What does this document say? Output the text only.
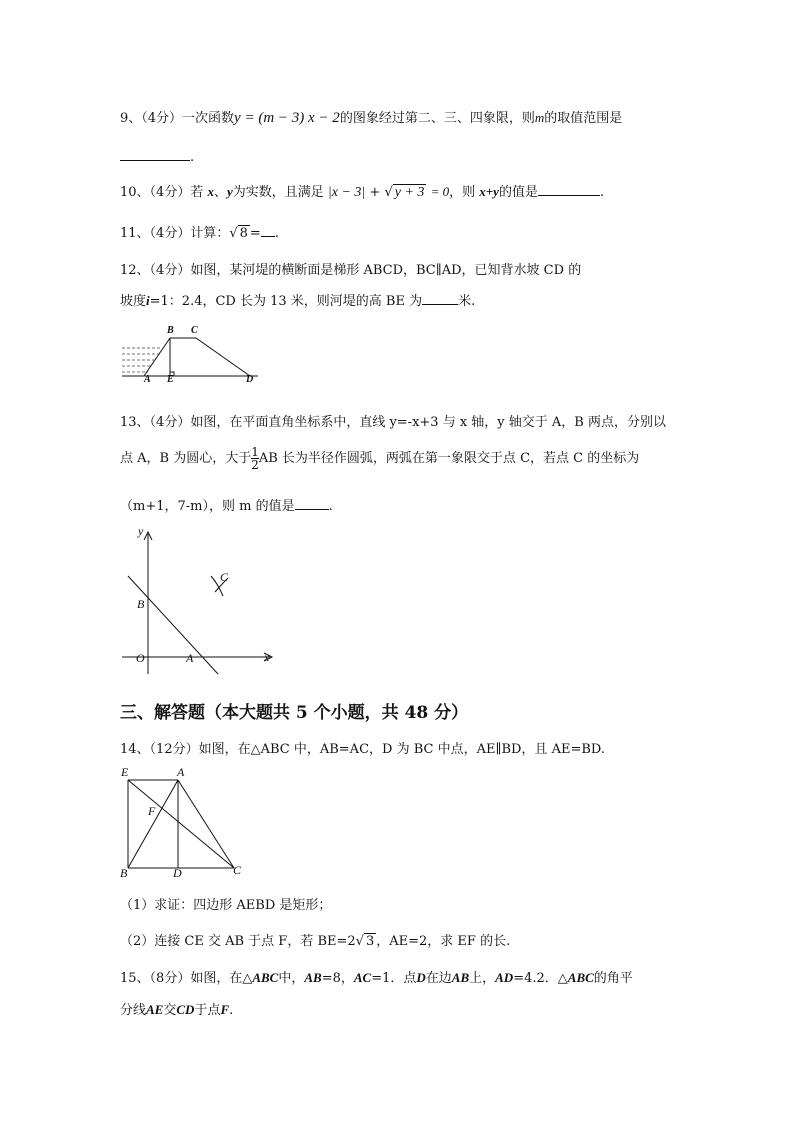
9、（4分）一次函数y = (m − 3) x − 2的图象经过第二、三、四象限，则m的取值范围是
.
10、（4分）若 x、y为实数，且满足 |x − 3| + √ y + 3 = 0，则 x+y的值是	.
11、（4分）计算：√ 8 = .
12、（4分）如图，某河堤的横断面是梯形 ABCD，BC∥AD，已知背水坡 CD 的
坡度i=1：2.4，CD 长为 13 米，则河堤的高 BE 为	米.
B C
A E	D
13、（4分）如图，在平面直角坐标系中，直线 y=-x+3 与 x 轴，y 轴交于 A，B 两点，分别以
点 A，B 为圆心，大于 $\frac{1}{2}$ AB 长为半径作圆弧，两弧在第一象限交于点 C，若点 C 的坐标为
（m+1，7-m），则 m 的值是	.
y
x
O	A
B
C
三、解答题（本大题共 5 个小题，共 48 分）
14、（12分）如图，在△ABC 中，AB=AC，D 为 BC 中点，AE∥BD，且 AE=BD.
E	A
F
B	D	C
（1）求证：四边形 AEBD 是矩形；
（2）连接 CE 交 AB 于点 F，若 BE=2√ 3 ，AE=2，求 EF 的长.
15、（8分）如图，在△ABC中，AB=8，AC=1．点D在边AB上，AD=4.2．△ABC的角平
分线AE交CD于点F.
